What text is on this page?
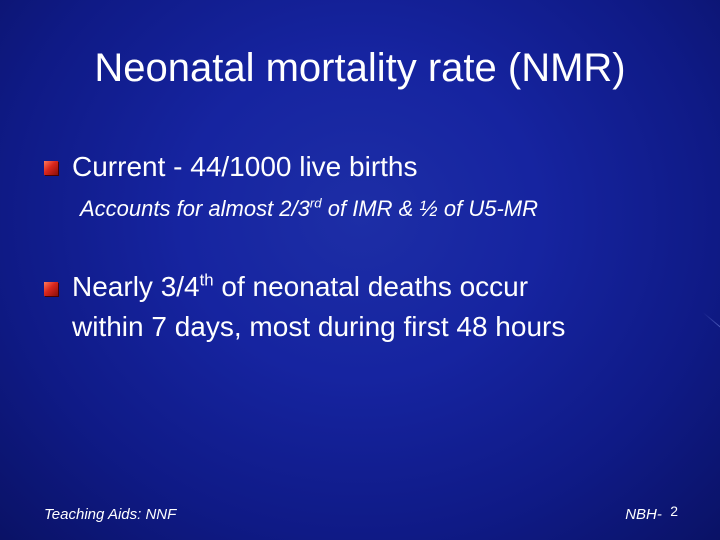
Neonatal mortality rate (NMR)
Current - 44/1000 live births
Accounts for almost 2/3rd of IMR & ½ of U5-MR
Nearly 3/4th of neonatal deaths occur
within 7 days, most during first 48 hours
Teaching Aids: NNF	NBH- 2
